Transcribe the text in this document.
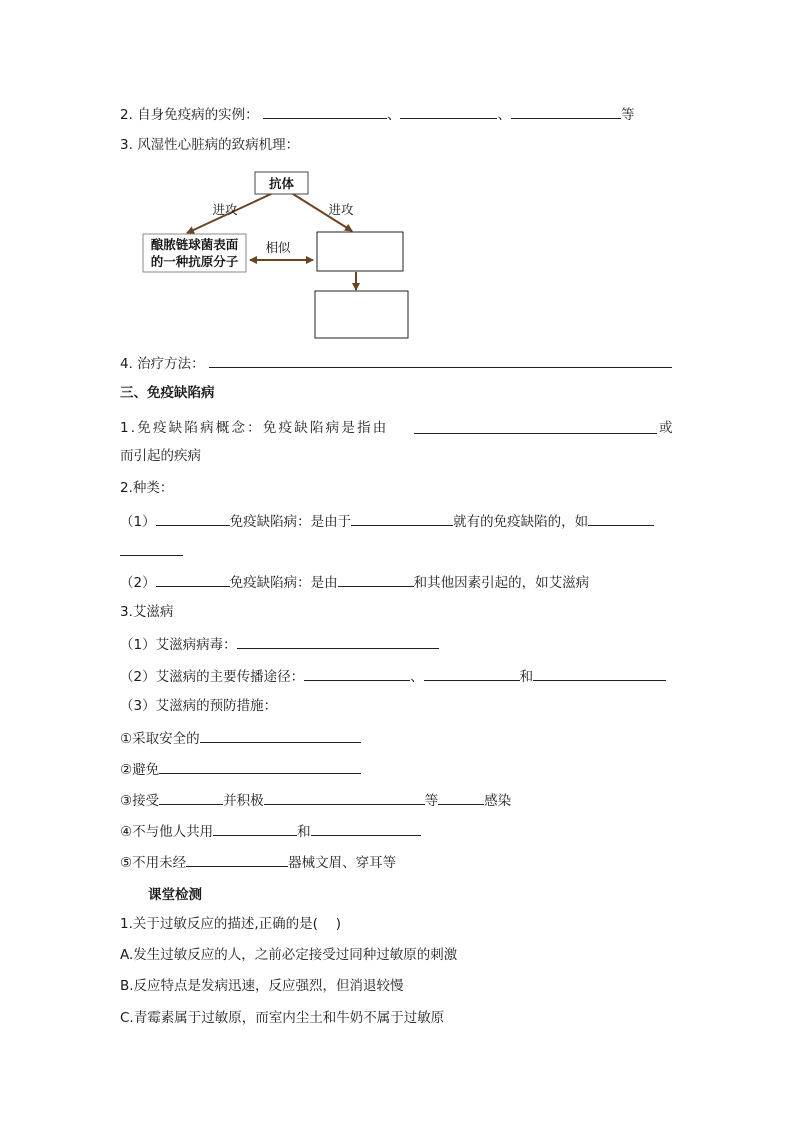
2. 自身免疫病的实例：	、	、	等
3. 风湿性心脏病的致病机理：
抗体
进攻	进攻
酿脓链球菌表面
的一种抗原分子
相似
4. 治疗方法：
三、免疫缺陷病
1.免疫缺陷病概念：免疫缺陷病是指由	或
而引起的疾病
2.种类：
（1）	免疫缺陷病：是由于	就有的免疫缺陷的，如
（2）	免疫缺陷病：是由	和其他因素引起的，如艾滋病
3.艾滋病
（1）艾滋病病毒：
（2）艾滋病的主要传播途径：	、	和
（3）艾滋病的预防措施：
①采取安全的
②避免
③接受	并积极	等	感染
④不与他人共用	和
⑤不用未经	器械文眉、穿耳等
课堂检测
1.关于过敏反应的描述,正确的是(　 )
A.发生过敏反应的人，之前必定接受过同种过敏原的刺激
B.反应特点是发病迅速，反应强烈，但消退较慢
C.青霉素属于过敏原，而室内尘土和牛奶不属于过敏原
